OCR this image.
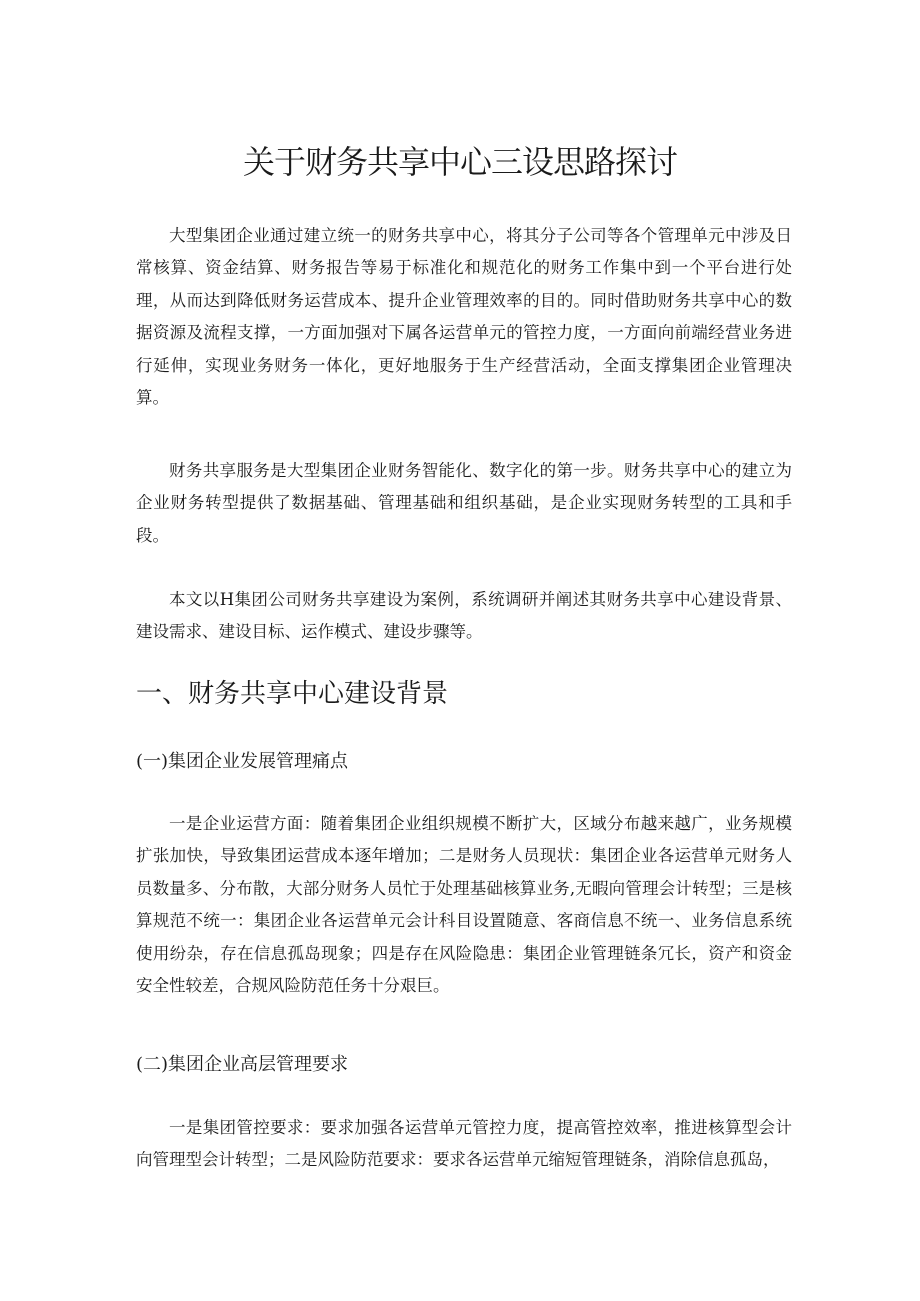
关于财务共享中心三设思路探讨

大型集团企业通过建立统一的财务共享中心，将其分子公司等各个管理单元中涉及日常核算、资金结算、财务报告等易于标准化和规范化的财务工作集中到一个平台进行处理，从而达到降低财务运营成本、提升企业管理效率的目的。同时借助财务共享中心的数据资源及流程支撑，一方面加强对下属各运营单元的管控力度，一方面向前端经营业务进行延伸，实现业务财务一体化，更好地服务于生产经营活动，全面支撑集团企业管理决算。

财务共享服务是大型集团企业财务智能化、数字化的第一步。财务共享中心的建立为企业财务转型提供了数据基础、管理基础和组织基础，是企业实现财务转型的工具和手段。

本文以H集团公司财务共享建设为案例，系统调研并阐述其财务共享中心建设背景、建设需求、建设目标、运作模式、建设步骤等。

一、财务共享中心建设背景
(一)集团企业发展管理痛点

一是企业运营方面：随着集团企业组织规模不断扩大，区域分布越来越广，业务规模扩张加快，导致集团运营成本逐年增加；二是财务人员现状：集团企业各运营单元财务人员数量多、分布散，大部分财务人员忙于处理基础核算业务,无暇向管理会计转型；三是核算规范不统一：集团企业各运营单元会计科目设置随意、客商信息不统一、业务信息系统使用纷杂，存在信息孤岛现象；四是存在风险隐患：集团企业管理链条冗长，资产和资金安全性较差，合规风险防范任务十分艰巨。

(二)集团企业高层管理要求

一是集团管控要求：要求加强各运营单元管控力度，提高管控效率，推进核算型会计向管理型会计转型；二是风险防范要求：要求各运营单元缩短管理链条，消除信息孤岛，
